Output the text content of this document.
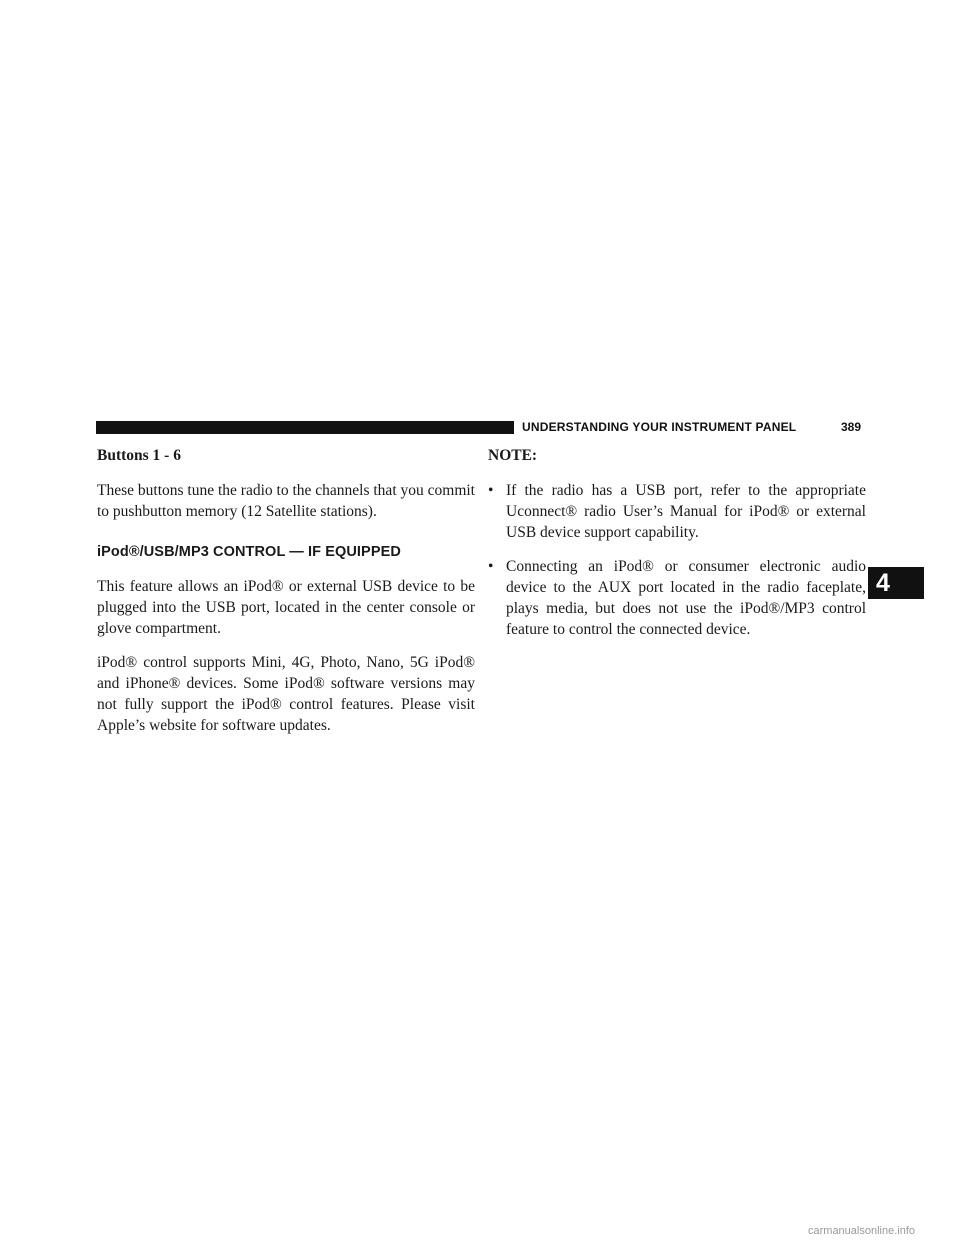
UNDERSTANDING YOUR INSTRUMENT PANEL	389
Buttons 1 - 6

These buttons tune the radio to the channels that you commit to pushbutton memory (12 Satellite stations).

iPod®/USB/MP3 CONTROL — IF EQUIPPED

This feature allows an iPod® or external USB device to be plugged into the USB port, located in the center console or glove compartment.

iPod® control supports Mini, 4G, Photo, Nano, 5G iPod® and iPhone® devices. Some iPod® software versions may not fully support the iPod® control features. Please visit Apple’s website for software updates.

NOTE:
• If the radio has a USB port, refer to the appropriate Uconnect® radio User’s Manual for iPod® or external USB device support capability.
• Connecting an iPod® or consumer electronic audio device to the AUX port located in the radio faceplate, plays media, but does not use the iPod®/MP3 control feature to control the connected device.
4
carmanualsonline.info
